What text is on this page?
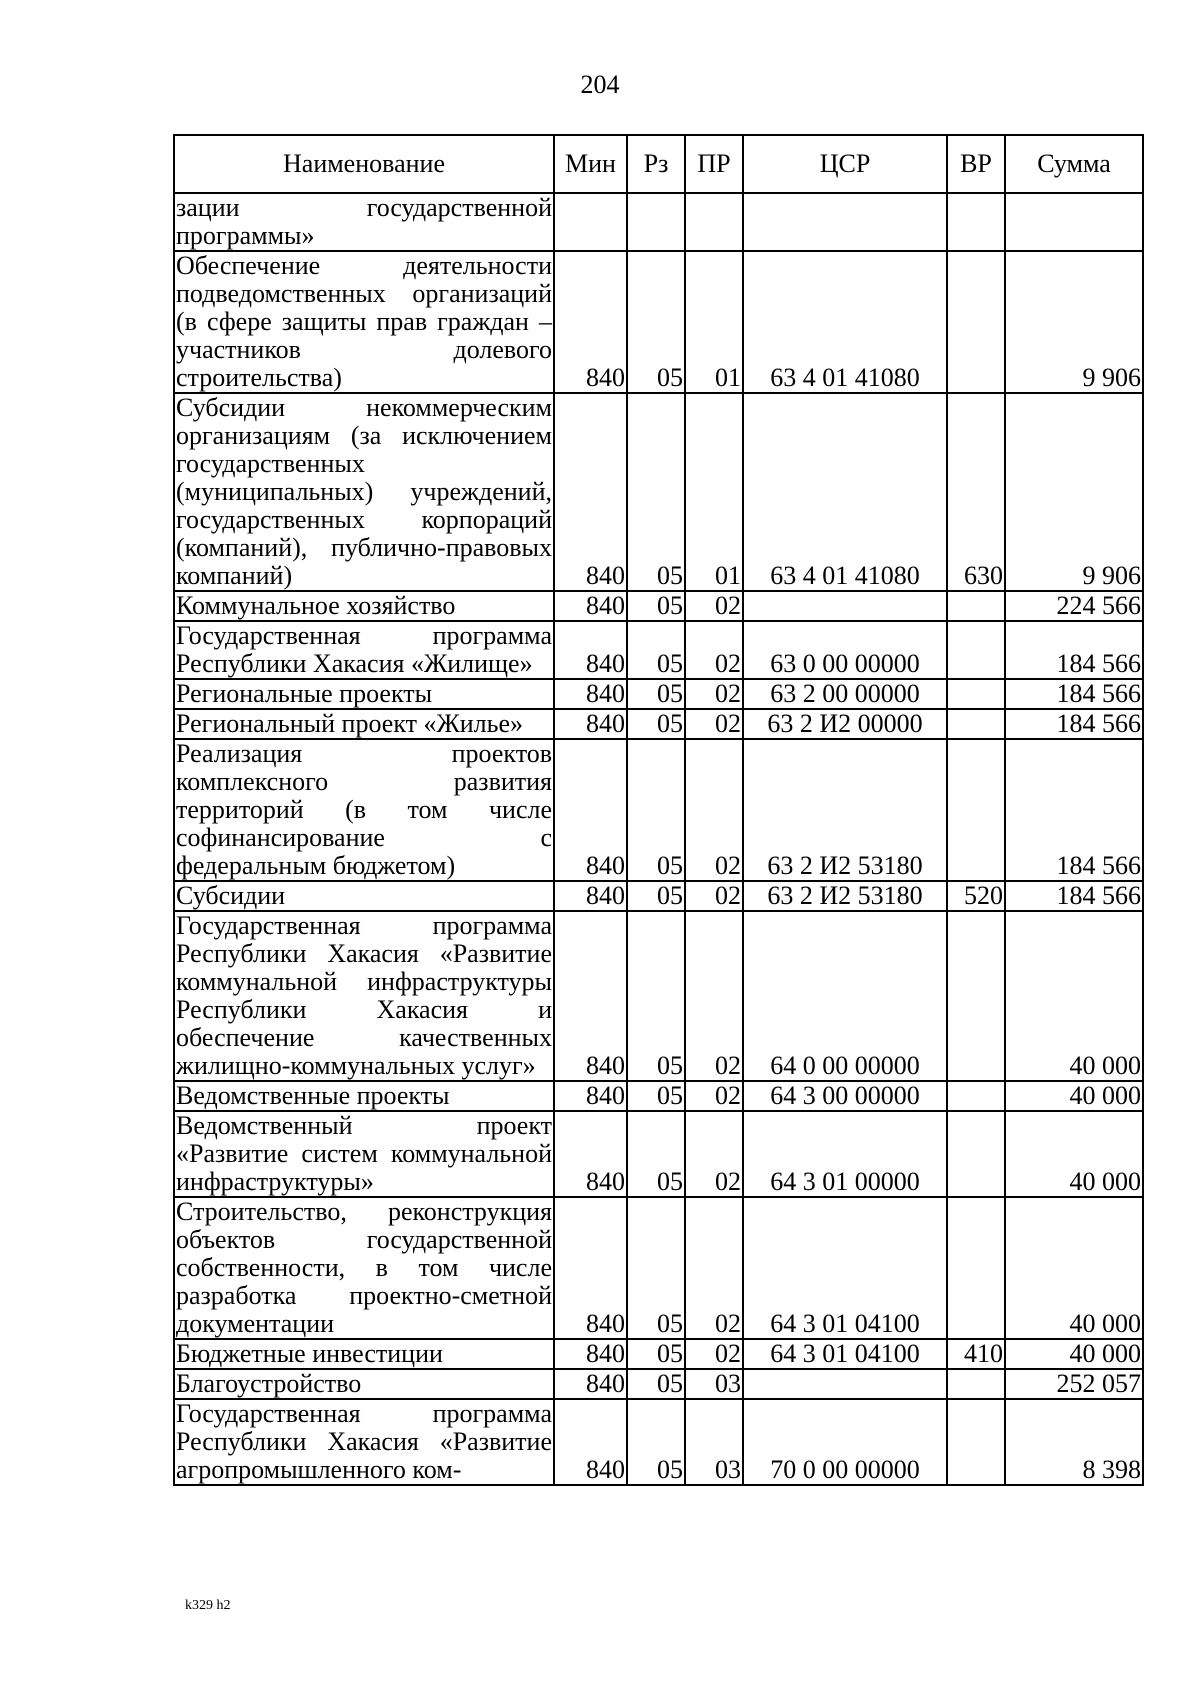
204
Наименование	Мин	Рз	ПР	ЦСР	ВР	Сумма
зации государственной программы»						
Обеспечение деятельности подведомственных организаций (в сфере защиты прав граждан – участников долевого строительства)	840	05	01	63 4 01 41080		9 906
Субсидии некоммерческим организациям (за исключением государственных (муниципальных) учреждений, государственных корпораций (компаний), публично-правовых компаний)	840	05	01	63 4 01 41080	630	9 906
Коммунальное хозяйство	840	05	02			224 566
Государственная программа Республики Хакасия «Жилище»	840	05	02	63 0 00 00000		184 566
Региональные проекты	840	05	02	63 2 00 00000		184 566
Региональный проект «Жилье»	840	05	02	63 2 И2 00000		184 566
Реализация проектов комплексного развития территорий (в том числе софинансирование с федеральным бюджетом)	840	05	02	63 2 И2 53180		184 566
Субсидии	840	05	02	63 2 И2 53180	520	184 566
Государственная программа Республики Хакасия «Развитие коммунальной инфраструктуры Республики Хакасия и обеспечение качественных жилищно-коммунальных услуг»	840	05	02	64 0 00 00000		40 000
Ведомственные проекты	840	05	02	64 3 00 00000		40 000
Ведомственный проект «Развитие систем коммунальной инфраструктуры»	840	05	02	64 3 01 00000		40 000
Строительство, реконструкция объектов государственной собственности, в том числе разработка проектно-сметной документации	840	05	02	64 3 01 04100		40 000
Бюджетные инвестиции	840	05	02	64 3 01 04100	410	40 000
Благоустройство	840	05	03			252 057
Государственная программа Республики Хакасия «Развитие агропромышленного ком-	840	05	03	70 0 00 00000		8 398
k329 h2
